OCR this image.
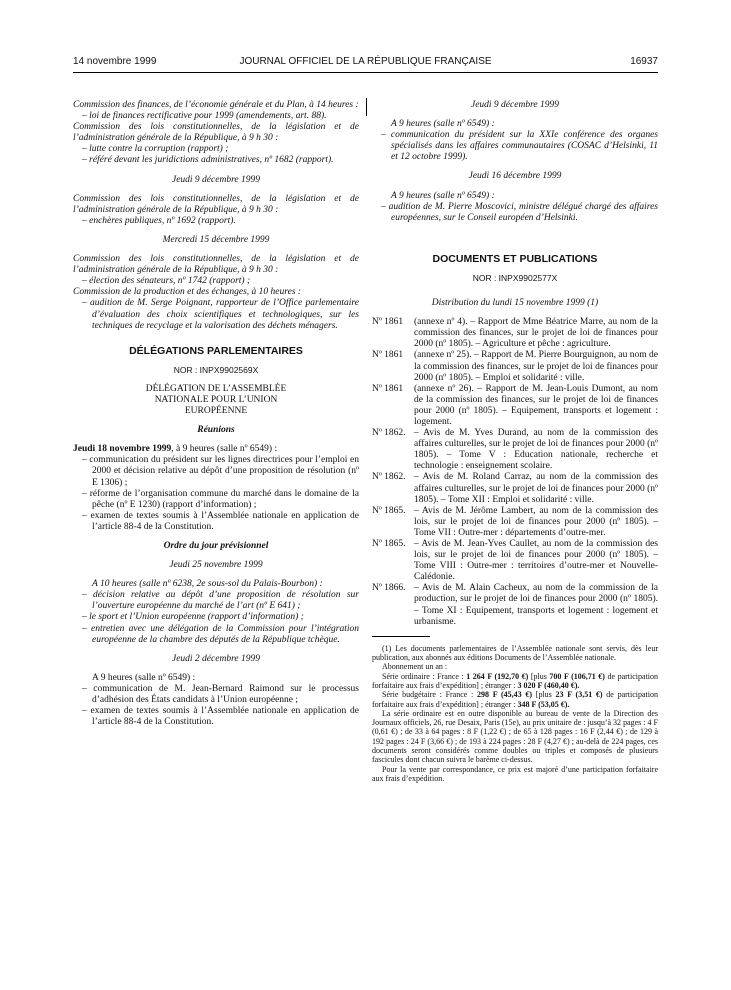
14 novembre 1999	JOURNAL OFFICIEL DE LA RÉPUBLIQUE FRANÇAISE	16937

Commission des finances, de l’économie générale et du Plan, à 14 heures :

– loi de finances rectificative pour 1999 (amendements, art. 88).

Commission des lois constitutionnelles, de la législation et de l’administration générale de la République, à 9 h 30 :

– lutte contre la corruption (rapport) ;

– référé devant les juridictions administratives, nº 1682 (rapport).

Jeudi 9 décembre 1999

Commission des lois constitutionnelles, de la législation et de l’administration générale de la République, à 9 h 30 :

– enchères publiques, nº 1692 (rapport).

Mercredi 15 décembre 1999

Commission des lois constitutionnelles, de la législation et de l’administration générale de la République, à 9 h 30 :

– élection des sénateurs, nº 1742 (rapport) ;

Commission de la production et des échanges, à 10 heures :

– audition de M. Serge Poignant, rapporteur de l’Office parlementaire d’évaluation des choix scientifiques et technologiques, sur les techniques de recyclage et la valorisation des déchets ménagers.

DÉLÉGATIONS PARLEMENTAIRES

NOR : INPX9902569X

DÉLÉGATION DE L’ASSEMBLÉE NATIONALE POUR L’UNION EUROPÉENNE

Réunions

Jeudi 18 novembre 1999, à 9 heures (salle nº 6549) :

– communication du président sur les lignes directrices pour l’emploi en 2000 et décision relative au dépôt d’une proposition de résolution (nº E 1306) ;

– réforme de l’organisation commune du marché dans le domaine de la pêche (nº E 1230) (rapport d’information) ;

– examen de textes soumis à l’Assemblée nationale en application de l’article 88-4 de la Constitution.

Ordre du jour prévisionnel

Jeudi 25 novembre 1999

A 10 heures (salle nº 6238, 2e sous-sol du Palais-Bourbon) :

– décision relative au dépôt d’une proposition de résolution sur l’ouverture européenne du marché de l’art (nº E 641) ;

– le sport et l’Union européenne (rapport d’information) ;

– entretien avec une délégation de la Commission pour l’intégration européenne de la chambre des députés de la République tchèque.

Jeudi 2 décembre 1999

A 9 heures (salle nº 6549) :

– communication de M. Jean-Bernard Raimond sur le processus d’adhésion des États candidats à l’Union européenne ;

– examen de textes soumis à l’Assemblée nationale en application de l’article 88-4 de la Constitution.

Jeudi 9 décembre 1999

A 9 heures (salle nº 6549) :

– communication du président sur la XXIe conférence des organes spécialisés dans les affaires communautaires (COSAC d’Helsinki, 11 et 12 octobre 1999).

Jeudi 16 décembre 1999

A 9 heures (salle nº 6549) :

– audition de M. Pierre Moscovici, ministre délégué chargé des affaires européennes, sur le Conseil européen d’Helsinki.

DOCUMENTS ET PUBLICATIONS

NOR : INPX9902577X

Distribution du lundi 15 novembre 1999 (1)

Nº 1861	(annexe nº 4). – Rapport de Mme Béatrice Marre, au nom de la commission des finances, sur le projet de loi de finances pour 2000 (nº 1805). – Agriculture et pêche : agriculture.

Nº 1861	(annexe nº 25). – Rapport de M. Pierre Bourguignon, au nom de la commission des finances, sur le projet de loi de finances pour 2000 (nº 1805). – Emploi et solidarité : ville.

Nº 1861	(annexe nº 26). – Rapport de M. Jean-Louis Dumont, au nom de la commission des finances, sur le projet de loi de finances pour 2000 (nº 1805). – Equipement, transports et logement : logement.

Nº 1862. – Avis de M. Yves Durand, au nom de la commission des affaires culturelles, sur le projet de loi de finances pour 2000 (nº 1805). – Tome V : Education nationale, recherche et technologie : enseignement scolaire.

Nº 1862. – Avis de M. Roland Carraz, au nom de la commission des affaires culturelles, sur le projet de loi de finances pour 2000 (nº 1805). – Tome XII : Emploi et solidarité : ville.

Nº 1865. – Avis de M. Jérôme Lambert, au nom de la commission des lois, sur le projet de loi de finances pour 2000 (nº 1805). – Tome VII : Outre-mer : départements d’outre-mer.

Nº 1865. – Avis de M. Jean-Yves Caullet, au nom de la commission des lois, sur le projet de loi de finances pour 2000 (nº 1805). – Tome VIII : Outre-mer : territoires d’outre-mer et Nouvelle-Calédonie.

Nº 1866. – Avis de M. Alain Cacheux, au nom de la commission de la production, sur le projet de loi de finances pour 2000 (nº 1805). – Tome XI : Equipement, transports et logement : logement et urbanisme.

(1) Les documents parlementaires de l’Assemblée nationale sont servis, dès leur publication, aux abonnés aux éditions Documents de l’Assemblée nationale.

Abonnement un an :

Série ordinaire : France : 1 264 F (192,70 €) [plus 700 F (106,71 €) de participation forfaitaire aux frais d’expédition] ; étranger : 3 020 F (460,40 €).

Série budgétaire : France : 298 F (45,43 €) [plus 23 F (3,51 €) de participation forfaitaire aux frais d’expédition] ; étranger : 348 F (53,05 €).

La série ordinaire est en outre disponible au bureau de vente de la Direction des Journaux officiels, 26, rue Desaix, Paris (15e), au prix unitaire de : jusqu’à 32 pages : 4 F (0,61 €) ; de 33 à 64 pages : 8 F (1,22 €) ; de 65 à 128 pages : 16 F (2,44 €) ; de 129 à 192 pages : 24 F (3,66 €) ; de 193 à 224 pages : 28 F (4,27 €) ; au-delà de 224 pages, ces documents seront considérés comme doubles ou triples et composés de plusieurs fascicules dont chacun suivra le barème ci-dessus.

Pour la vente par correspondance, ce prix est majoré d’une participation forfaitaire aux frais d’expédition.
